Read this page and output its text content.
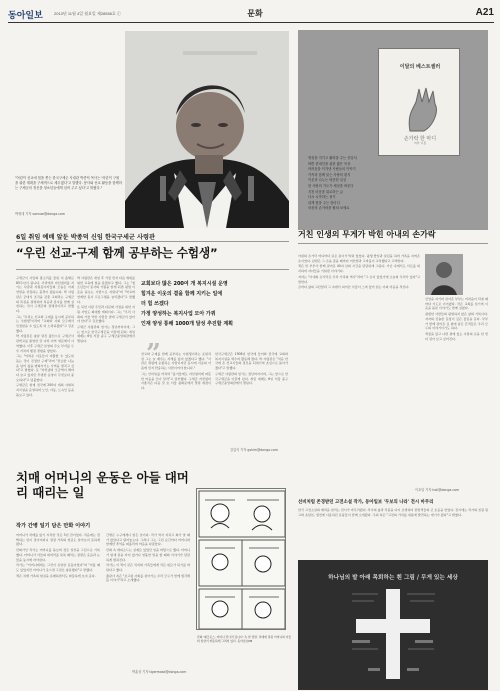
동아일보	2013년 11월 4일 월요일 제28558호 ⓒ	문화	A21
"어린이 선교에 힘을 쏟는 한국구세군 사령관 박종덕 목사는 '어린이 구원을 위한 계획을 구체적으로 세우겠다'고 말했다. 봉사와 선교 활동을 함께하는 구세군의 정신을 청소년들에게 심어 주고 싶다'고 밝혔다."
박영대 기자 sannae@donga.com
6일 취임 예배 앞둔 박종덕 신임 한국구세군 사령관
“우린 선교-구제 함께 공부하는 수험생”
구세군이 사랑의 종소리를 울린 지 올해로 85주년이 됩니다. 거리에서 자선냄비를 지키는 사관과 자원봉사자들의 모습은 이제 연말을 상징하는 풍경이 됐습니다. 박 사령관은 군대식 조직을 갖춘 교회라는 구세군의 특징을 설명하며 복음과 봉사를 함께 실천하는 것이 구세군의 정체성이라고 말했다.
그는 "우리는 선교와 구제를 동시에 공부하는 수험생"이라며 "교회와 사회 모두에서 인정받을 수 있도록 더 노력하겠다"고 강조했다.
박 사령관은 충남 당진 출신으로 구세군사관학교를 졸업한 뒤 여러 지역 영문에서 사역했다. 이후 구세군 본영의 주요 부서를 두루 거치며 행정 경험을 쌓았다.
그는 "어려운 이웃들이 자활할 수 있도록 돕는 것이 진정한 구제"라며 "단순한 나눔을 넘어 삶을 변화시키는 사역을 펼치고 싶다"고 밝혔다. 또 "자선냄비 모금액이 해마다 늘고 있지만 투명한 운영이 무엇보다 중요하다"고 덧붙였다.
구세군은 현재 전국에 200여 개의 사회복지시설을 운영하며 노인, 아동, 노숙인 등을 돌보고 있다.
박 사령관은 취임 후 가장 먼저 다음 세대를 위한 교육에 힘을 쏟겠다고 했다. 그는 "청소년들이 봉사의 기쁨을 알게 되면 평생 이웃을 돌보는 사람으로 자란다"며 "학교와 연계한 봉사 프로그램을 늘리겠다"고 말했다.
또 북한 이탈 주민과 다문화 가정을 위한 지원 사업도 확대할 계획이다. 그는 "우리 사회의 가장 약한 사람들 곁에 구세군이 있어야 한다"고 강조했다.
구세군 사령관의 임기는 정년까지이며, 그는 앞으로 한국구세군을 이끌게 된다. 취임 예배는 6일 서울 중구 구세군중앙회관에서 열린다.
교회보다 많은 200여 개 복지시설 운영
힘겨운 이웃의 곁을 함께 지키는 일에
더 힘 쓰겠다
가정 양성하는 복지사업 모아 가꿔
인재 양성 통해 1000개 달성 추진할 계획
”
선교와 구제를 함께 공부하는 수험생이라는 표현처럼 그는 늘 배우는 자세를 잃지 않겠다고 했다. "사관은 명령에 순종하는 사람이지만 동시에 이웃의 아픔에 먼저 반응하는 사람이어야 합니다."
그는 인터뷰를 마치며 "올겨울에도 자선냄비에 따뜻한 마음을 모아 달라"고 당부했다. 구세군 자선냄비 시종식은 다음 달 초 서울 광화문에서 열릴 예정이다.
한국구세군은 1908년 한국에 들어와 전국에 교회와 복지시설을 세우며 활동해 왔다. 박 사령관은 "처음 한국에 온 선교사들의 정신을 되새기며 초심으로 돌아가겠다"고 말했다.
구세군 사령관의 임기는 정년까지이며, 그는 앞으로 한국구세군을 이끌게 된다. 취임 예배는 6일 서울 중구 구세군중앙회관에서 열린다.
김갑식 기자 gskim@donga.com
이달의 베스트셀러
손가락 한 마디
저자 이름
영성을 지키고 활력을 주는 신앙서
바쁜 현대인을 위한 짧은 묵상
어려움을 이겨낸 사람들의 이야기
가족과 함께 읽는 사랑의 편지
이웃과 나누는 따뜻한 일상
한 사람의 기도가 세상을 바꾼다
지친 마음을 위로하는 글
다시 시작하는 용기
내게 힘을 주는 한마디
마음의 손가락을 펼쳐 보세요
거친 인생의 무게가 박힌 아내의 손가락
아내의 손가락 마디마다 굵은 옹이가 박혀 있었다. 평생 밭일과 살림을 하며 가족을 지켜온 손이었다. 남편은 그 손을 잡을 때마다 미안함과 고마움이 교차했다고 고백한다.
책은 한 부부가 함께 걸어온 40여 년의 시간을 담담하게 그린다. 가난 속에서도 서로를 의지하며 자녀들을 키워낸 이야기다.
저자는 "아내의 손가락은 우리 가족의 역사"라며 "그 손이 있었기에 오늘의 우리가 있다"고 말한다.
글마다 삶의 고단함과 그 속에서 피어난 사랑이 스며 있어 읽는 이의 마음을 적신다.
신앙을 지키며 살아온 부부는 어려움이 닥칠 때마다 기도로 이겨냈다. 작은 교회를 섬기며 이웃을 돌본 이야기도 함께 실렸다.
평범한 사람들의 평범하지 않은 삶의 기록이다. 저자의 진솔한 문장이 깊은 울림을 준다. 부부가 함께 걸어온 길 위에 남은 흔적들은 우리 모두의 이야기이기도 하다.
책장을 덮고 나면 곁에 있는 사람의 손을 한 번 더 잡아 보고 싶어진다.
이호일 기자 hoil@donga.com
선비처럼 존경받던 고전소설 작가, 동아일보 '두보의 나라' 전시 마무리
한국 고전소설의 매력을 알리는 전시가 마무리됐다. 작가의 삶과 작품을 다시 조명하며 관람객들의 큰 호응을 얻었다. 전시에는 작가의 친필 원고와 초판본, 생전에 사용하던 유품들이 함께 소개됐다. 주최 측은 "고전의 가치를 새롭게 발견하는 계기가 됐다"고 밝혔다.
치매 어머니의 운동은 아들 대머리 때리는 일
작가 간병 일기 담은 만화 이야기
어머니가 치매를 앓기 시작한 것은 3년 전이었다. 처음에는 깜빡하는 일이 잦아지더니 점점 가족의 얼굴도 알아보지 못하게 됐다.
만화가인 작가는 어머니를 돌보며 겪은 일상을 그림으로 기록했다. 어머니가 아들의 대머리를 툭툭 때리는 장면은 웃음과 눈물을 동시에 자아낸다.
작가는 "어머니에게는 그것이 유일한 운동이었다"며 "아플 때도 있었지만 어머니가 웃으면 그걸로 충분했다"고 말했다.
책은 치매 가족의 현실을 유쾌하면서도 따뜻하게 보여 준다.
간병은 누구에게나 힘든 일이다. 작가 역시 지치고 화가 날 때가 많았다고 털어놓는다. 그러나 그는 그런 순간마다 어머니와 함께한 추억을 떠올리며 마음을 다잡았다.
만화 속 에피소드는 실제로 있었던 일을 바탕으로 했다. 어머니가 밤새 잠을 자지 않거나 엉뚱한 말을 할 때의 이야기가 담담하게 펼쳐진다.
작가는 이 책이 같은 처지의 가족들에게 작은 위로가 되기를 바란다고 했다.
출판사 측은 "초고령 사회를 살아가는 우리 모두가 함께 생각해 볼 이야기"라고 소개했다.
만화 '페코로스, 어머니 만나러 갑니다' 속 한 장면. 치매에 걸린 어머니와 아들의 일상이 따뜻하게 그려져 있다. 동아일보DB
박훈상 기자 tigermask@donga.com
하나님의 발 아래 목회하는 흰 그림 / 무게 있는 세상
